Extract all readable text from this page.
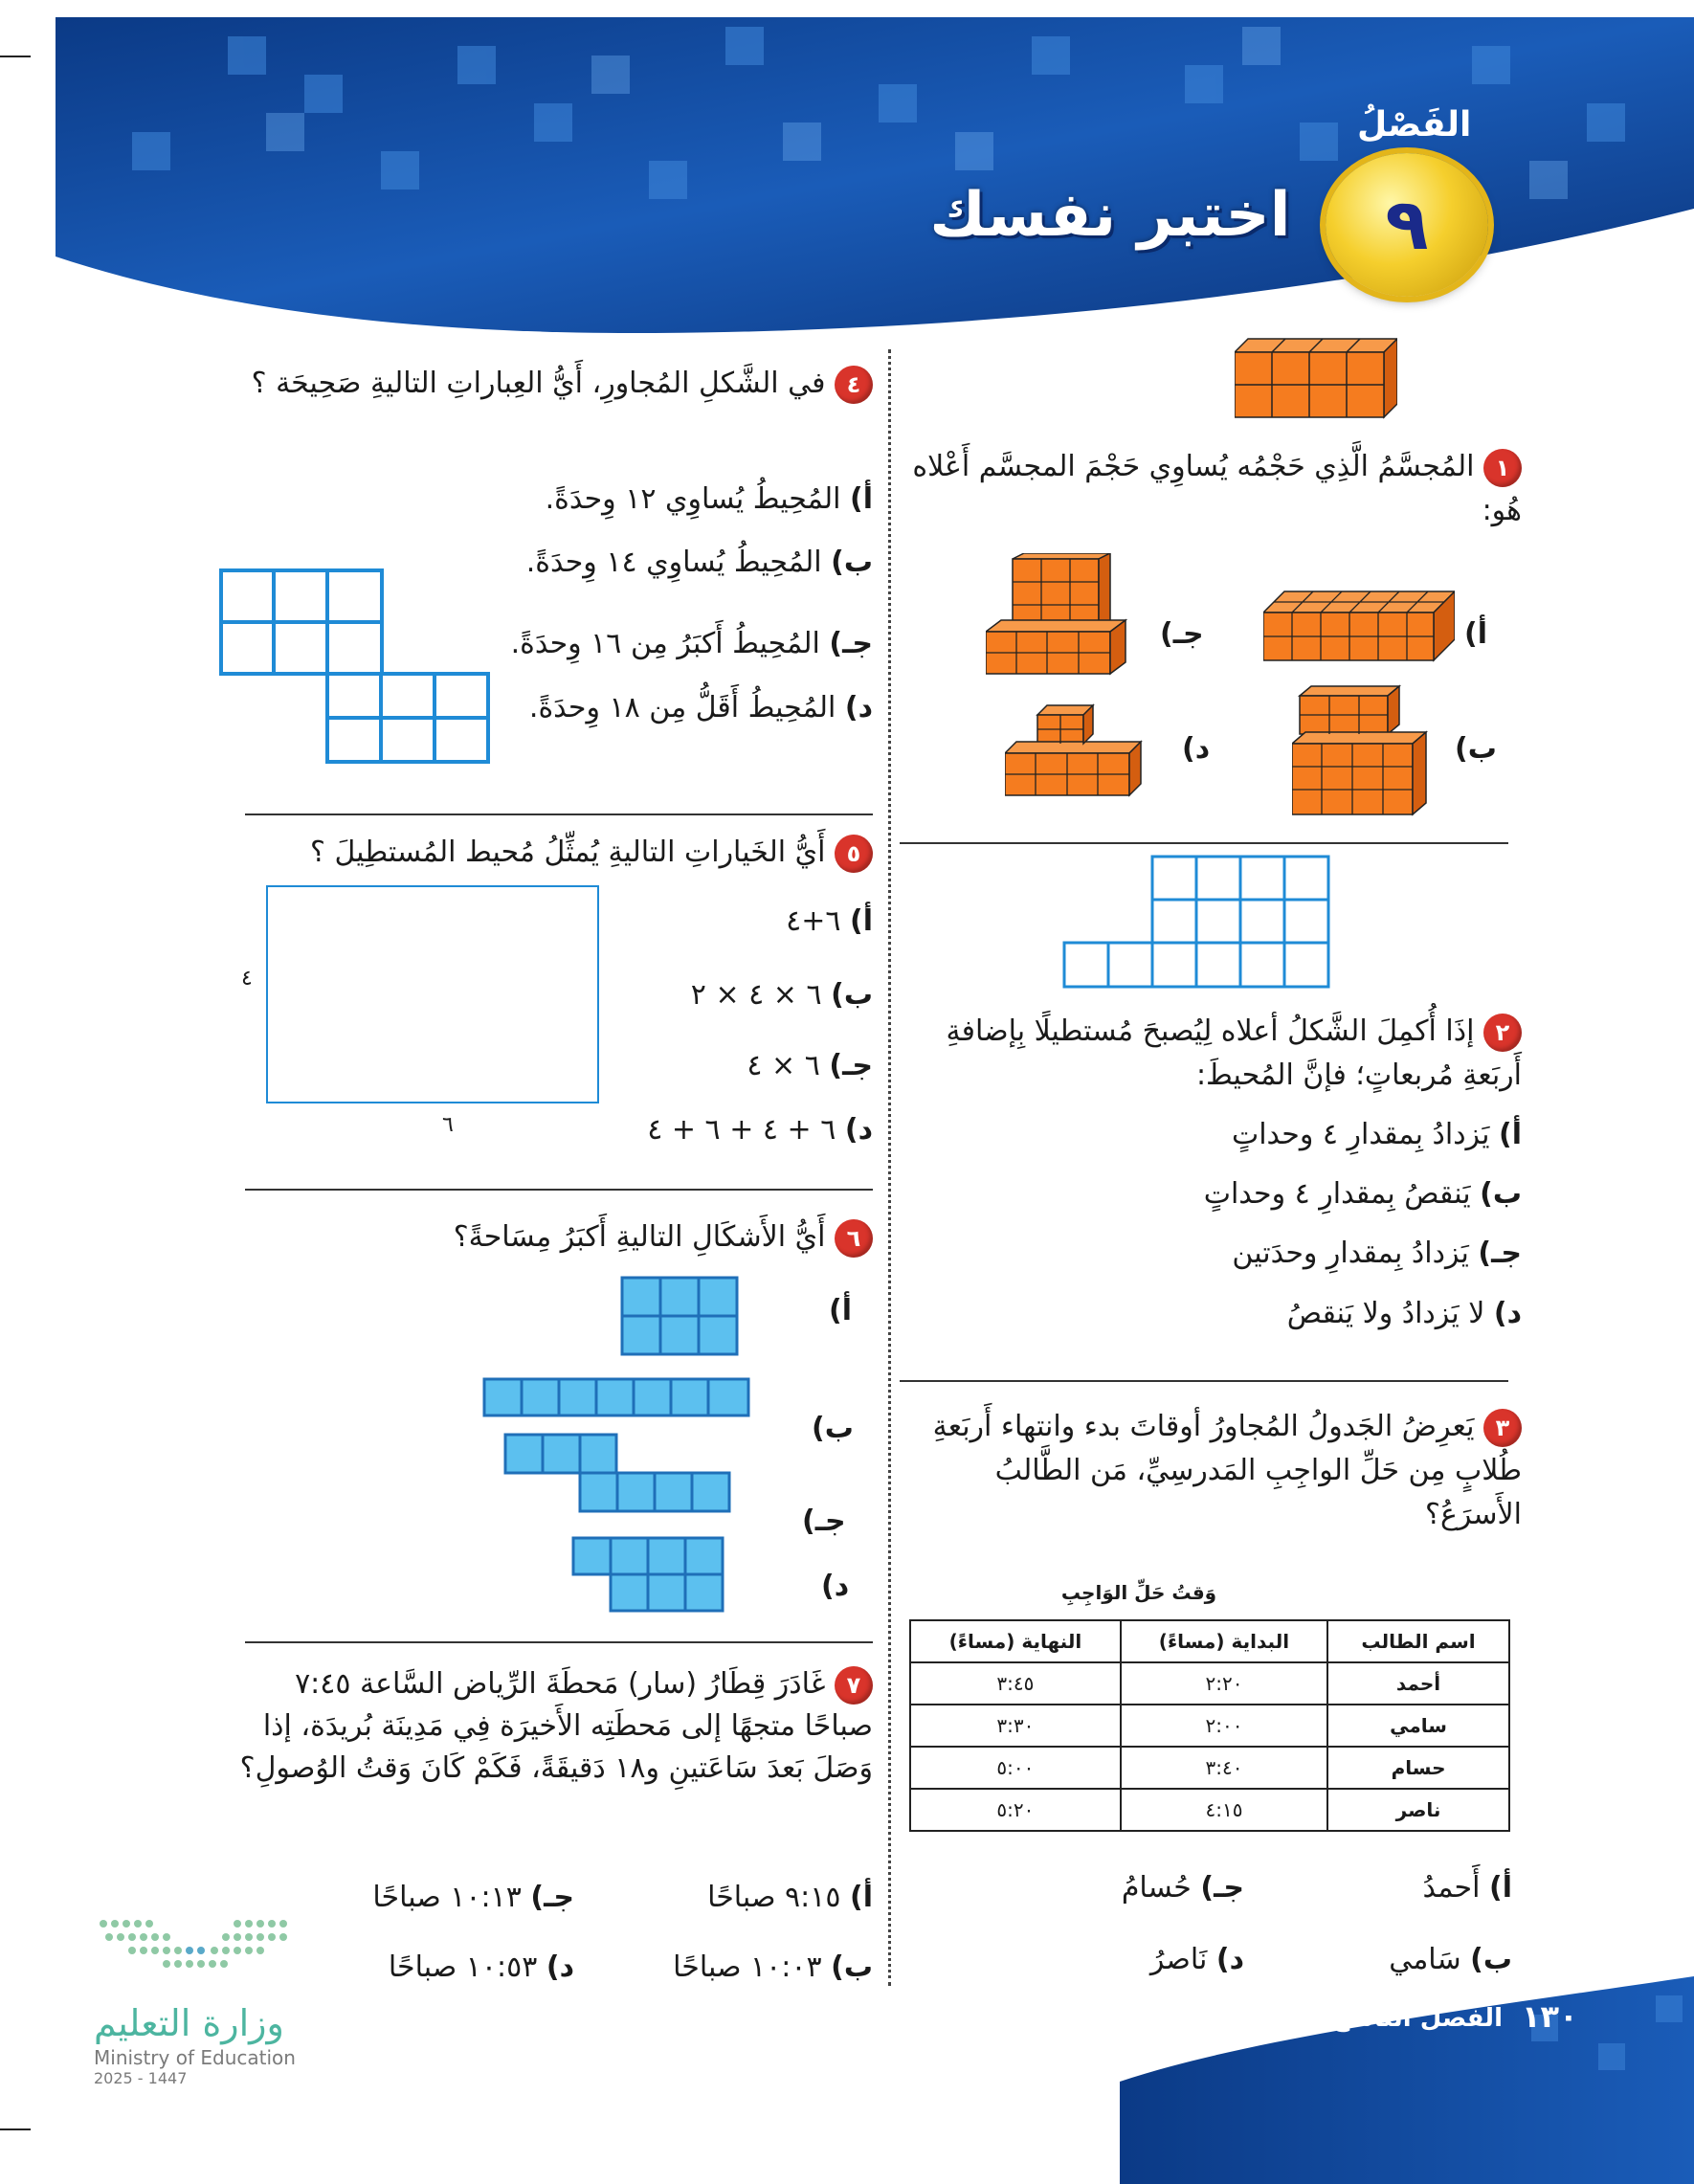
الفَصْلُ
٩
اختبر نفسك
١ المُجسَّمُ الَّذِي حَجْمُه يُساوِي حَجْمَ المجسَّم أَعْلاه هُو:
أ)
جـ)
ب)
د)
٢ إذَا أُكمِلَ الشَّكلُ أعلاه لِيُصبحَ مُستطيلًا بِإضافةِ أَربَعةِ مُربعاتٍ؛ فإنَّ المُحيطَ:
أ) يَزدادُ بِمقدارِ ٤ وحداتٍ
ب) يَنقصُ بِمقدارِ ٤ وحداتٍ
جـ) يَزدادُ بِمقدارِ وحدَتين
د) لا يَزدادُ ولا يَنقصُ
٣ يَعرِضُ الجَدولُ المُجاورُ أوقاتَ بدء وانتهاء أَربَعةِ طُلابٍ مِن حَلِّ الواجِبِ المَدرسِيِّ، مَن الطَّالبُ الأَسرَعُ؟
وَقتُ حَلِّ الوَاجِبِ
اسم الطالب	البداية (مساءً)	النهاية (مساءً)
أحمد	٢:٢٠	٣:٤٥
سامي	٢:٠٠	٣:٣٠
حسام	٣:٤٠	٥:٠٠
ناصر	٤:١٥	٥:٢٠
أ) أَحمدُ
جـ) حُسامُ
ب) سَامي
د) نَاصرُ
٤ في الشَّكلِ المُجاورِ، أَيُّ العِباراتِ التاليةِ صَحِيحَة ؟
أ) المُحِيطُ يُساوِي ١٢ وِحدَةً.
ب) المُحِيطُ يُساوِي ١٤ وِحدَةً.
جـ) المُحِيطُ أَكبَرُ مِن ١٦ وِحدَةً.
د) المُحِيطُ أَقَلُّ مِن ١٨ وِحدَةً.
٥ أَيُّ الخَياراتِ التاليةِ يُمثِّلُ مُحيط المُستطِيلَ ؟
٤
٦
أ) ٦+٤
ب) ٦ × ٤ × ٢
جـ) ٦ × ٤
د) ٦ + ٤ + ٦ + ٤
٦ أَيُّ الأَشكَالِ التاليةِ أَكبَرُ مِسَاحةً؟
أ)
ب)
جـ)
د)
٧ غَادَرَ قِطَارُ (سار) مَحطَةَ الرِّياض السَّاعة ٧:٤٥ صباحًا متجهًا إلى مَحطَتِه الأَخيرَة فِي مَدِينَة بُريدَة، إذا وَصَلَ بَعدَ سَاعَتينِ و١٨ دَقيقَةً، فَكَمْ كَانَ وَقتُ الوُصولِ؟
أ) ٩:١٥ صباحًا
جـ) ١٠:١٣ صباحًا
ب) ١٠:٠٣ صباحًا
د) ١٠:٥٣ صباحًا
وزارة التعليم
Ministry of Education
2025 - 1447
١٣٠
الفصل التاسع: القياس
